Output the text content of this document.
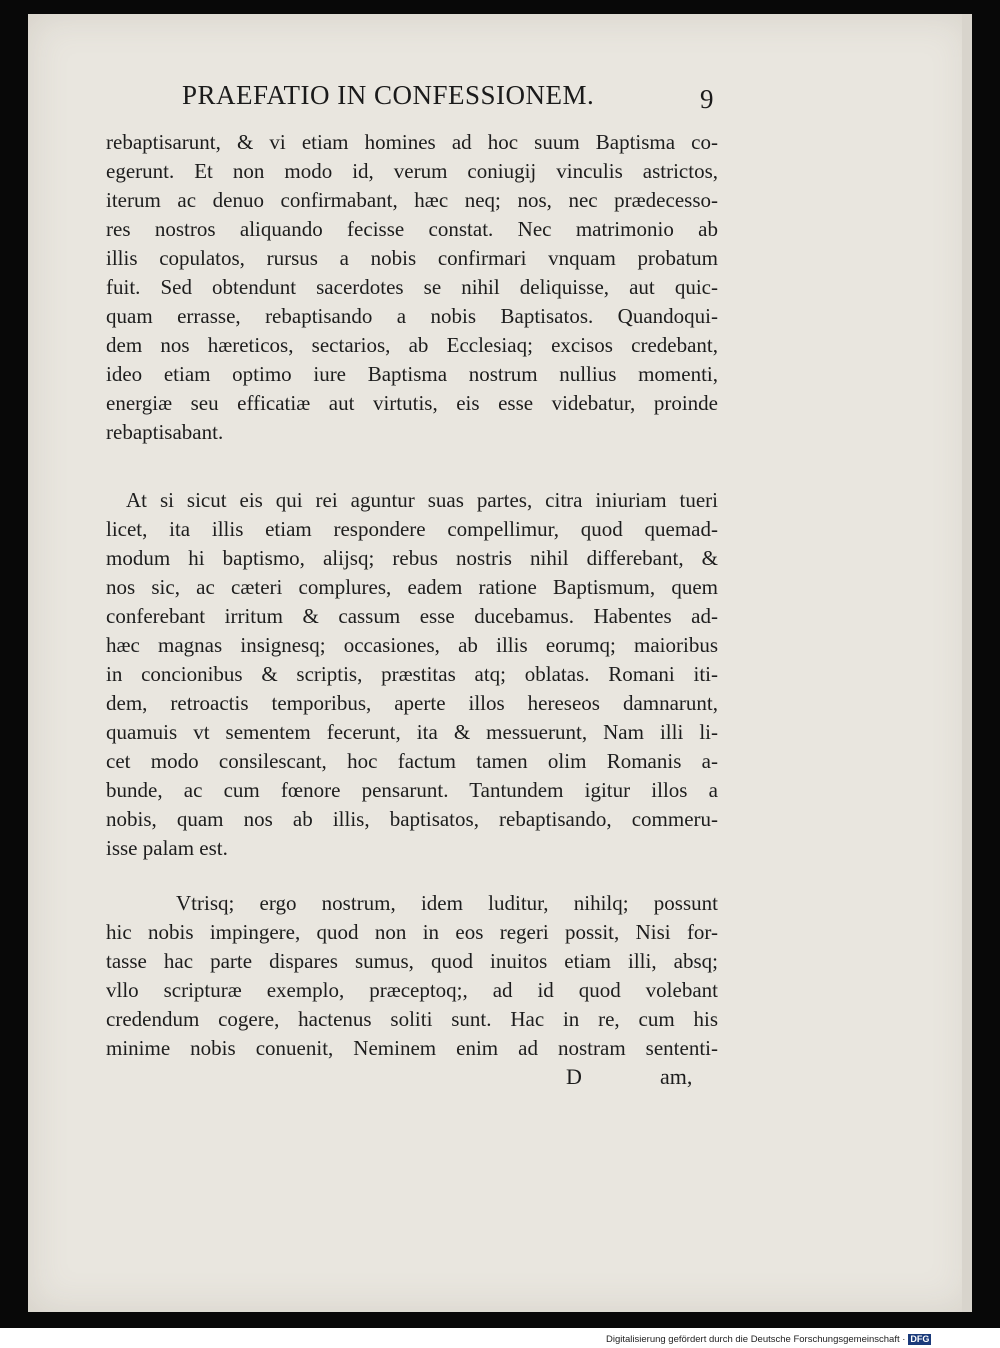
PRAEFATIO IN CONFESSIONEM.	9
rebaptisarunt, & vi etiam homines ad hoc suum Baptisma co-
egerunt. Et non modo id, verum coniugij vinculis astrictos,
iterum ac denuo confirmabant, hæc neq; nos, nec prædecesso-
res nostros aliquando fecisse constat. Nec matrimonio ab
illis copulatos, rursus a nobis confirmari vnquam probatum
fuit. Sed obtendunt sacerdotes se nihil deliquisse, aut quic-
quam errasse, rebaptisando a nobis Baptisatos. Quandoqui-
dem nos hæreticos, sectarios, ab Ecclesiaq; excisos credebant,
ideo etiam optimo iure Baptisma nostrum nullius momenti,
energiæ seu efficatiæ aut virtutis, eis esse videbatur, proinde
rebaptisabant.
At si sicut eis qui rei aguntur suas partes, citra iniuriam tueri
licet, ita illis etiam respondere compellimur, quod quemad-
modum hi baptismo, alijsq; rebus nostris nihil differebant, &
nos sic, ac cæteri complures, eadem ratione Baptismum, quem
conferebant irritum & cassum esse ducebamus. Habentes ad-
hæc magnas insignesq; occasiones, ab illis eorumq; maioribus
in concionibus & scriptis, præstitas atq; oblatas. Romani iti-
dem, retroactis temporibus, aperte illos hereseos damnarunt,
quamuis vt sementem fecerunt, ita & messuerunt, Nam illi li-
cet modo consilescant, hoc factum tamen olim Romanis a-
bunde, ac cum fœnore pensarunt. Tantundem igitur illos a
nobis, quam nos ab illis, baptisatos, rebaptisando, commeru-
isse palam est.
Vtrisq; ergo nostrum, idem luditur, nihilq; possunt
hic nobis impingere, quod non in eos regeri possit, Nisi for-
tasse hac parte dispares sumus, quod inuitos etiam illi, absq;
vllo scripturæ exemplo, præceptoq;, ad id quod volebant
credendum cogere, hactenus soliti sunt. Hac in re, cum his
minime nobis conuenit, Neminem enim ad nostram sententi-
D	am,
Digitalisierung gefördert durch die Deutsche Forschungsgemeinschaft · DFG
